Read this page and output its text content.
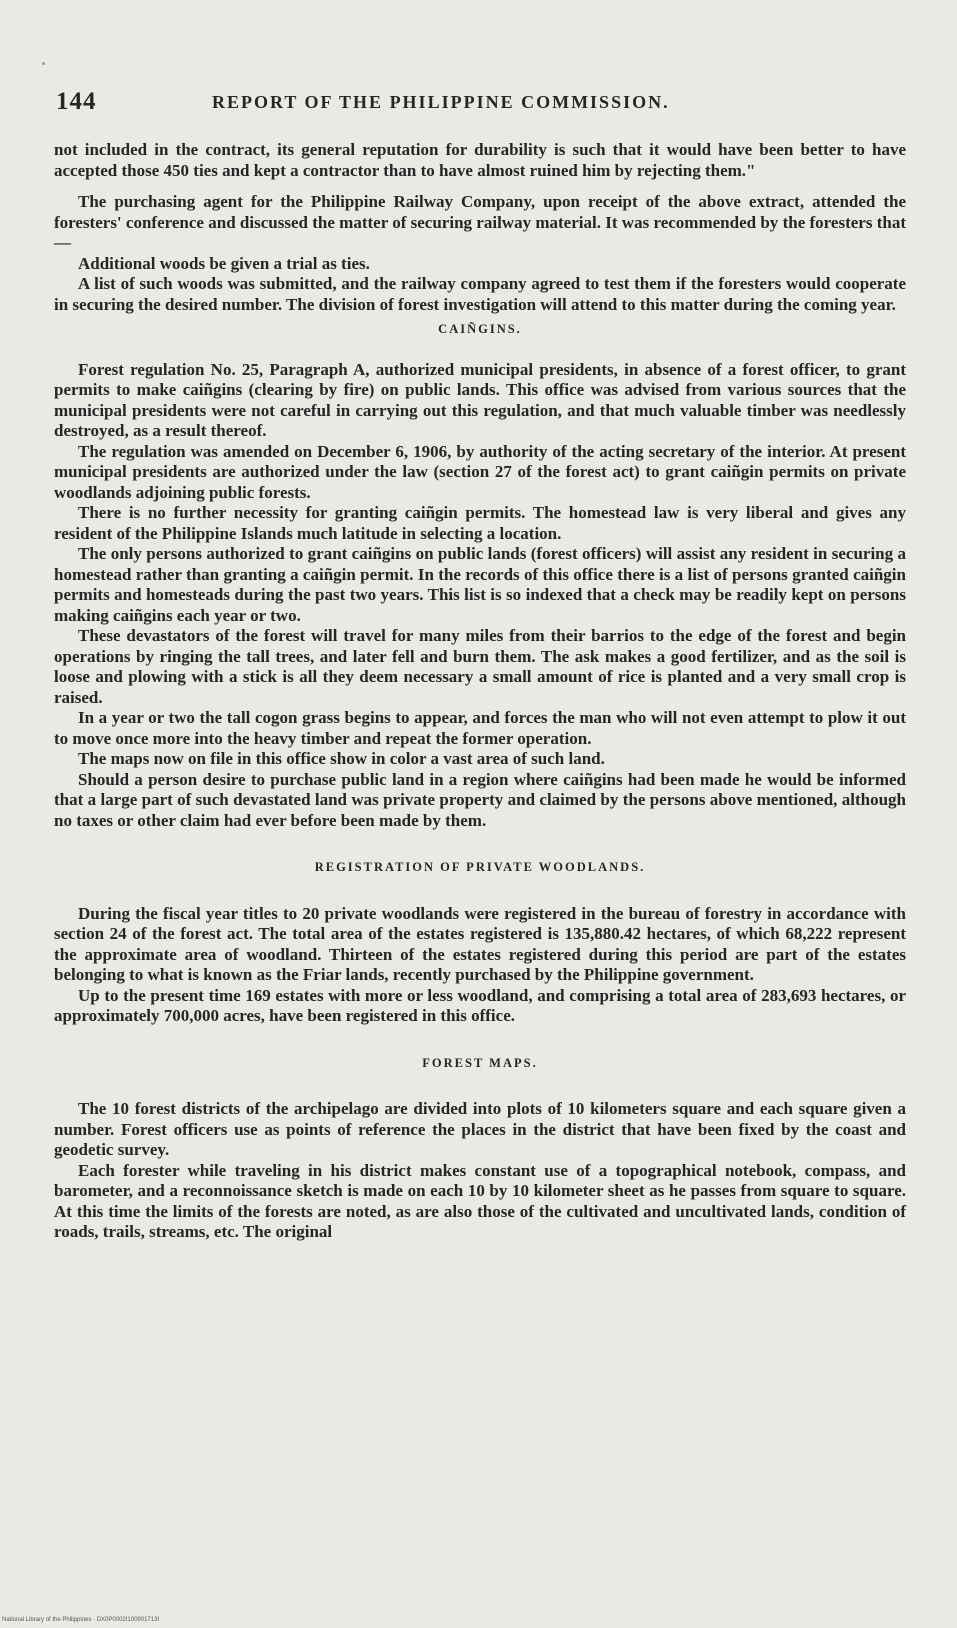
144	REPORT OF THE PHILIPPINE COMMISSION.

not included in the contract, its general reputation for durability is such that it would have been better to have accepted those 450 ties and kept a contractor than to have almost ruined him by rejecting them."

The purchasing agent for the Philippine Railway Company, upon receipt of the above extract, attended the foresters' conference and discussed the matter of securing railway material. It was recommended by the foresters that—

Additional woods be given a trial as ties.

A list of such woods was submitted, and the railway company agreed to test them if the foresters would cooperate in securing the desired number. The division of forest investigation will attend to this matter during the coming year.

CAIÑGINS.

Forest regulation No. 25, Paragraph A, authorized municipal presidents, in absence of a forest officer, to grant permits to make caiñgins (clearing by fire) on public lands. This office was advised from various sources that the municipal presidents were not careful in carrying out this regulation, and that much valuable timber was needlessly destroyed, as a result thereof.

The regulation was amended on December 6, 1906, by authority of the acting secretary of the interior. At present municipal presidents are authorized under the law (section 27 of the forest act) to grant caiñgin permits on private woodlands adjoining public forests.

There is no further necessity for granting caiñgin permits. The homestead law is very liberal and gives any resident of the Philippine Islands much latitude in selecting a location.

The only persons authorized to grant caiñgins on public lands (forest officers) will assist any resident in securing a homestead rather than granting a caiñgin permit. In the records of this office there is a list of persons granted caiñgin permits and homesteads during the past two years. This list is so indexed that a check may be readily kept on persons making caiñgins each year or two.

These devastators of the forest will travel for many miles from their barrios to the edge of the forest and begin operations by ringing the tall trees, and later fell and burn them. The ask makes a good fertilizer, and as the soil is loose and plowing with a stick is all they deem necessary a small amount of rice is planted and a very small crop is raised.

In a year or two the tall cogon grass begins to appear, and forces the man who will not even attempt to plow it out to move once more into the heavy timber and repeat the former operation.

The maps now on file in this office show in color a vast area of such land.

Should a person desire to purchase public land in a region where caiñgins had been made he would be informed that a large part of such devastated land was private property and claimed by the persons above mentioned, although no taxes or other claim had ever before been made by them.

REGISTRATION OF PRIVATE WOODLANDS.

During the fiscal year titles to 20 private woodlands were registered in the bureau of forestry in accordance with section 24 of the forest act. The total area of the estates registered is 135,880.42 hectares, of which 68,222 represent the approximate area of woodland. Thirteen of the estates registered during this period are part of the estates belonging to what is known as the Friar lands, recently purchased by the Philippine government.

Up to the present time 169 estates with more or less woodland, and comprising a total area of 283,693 hectares, or approximately 700,000 acres, have been registered in this office.

FOREST MAPS.

The 10 forest districts of the archipelago are divided into plots of 10 kilometers square and each square given a number. Forest officers use as points of reference the places in the district that have been fixed by the coast and geodetic survey.

Each forester while traveling in his district makes constant use of a topographical notebook, compass, and barometer, and a reconnoissance sketch is made on each 10 by 10 kilometer sheet as he passes from square to square. At this time the limits of the forests are noted, as are also those of the cultivated and uncultivated lands, condition of roads, trails, streams, etc. The original

National Library of the Philippines · DX0P0002I100901713I
